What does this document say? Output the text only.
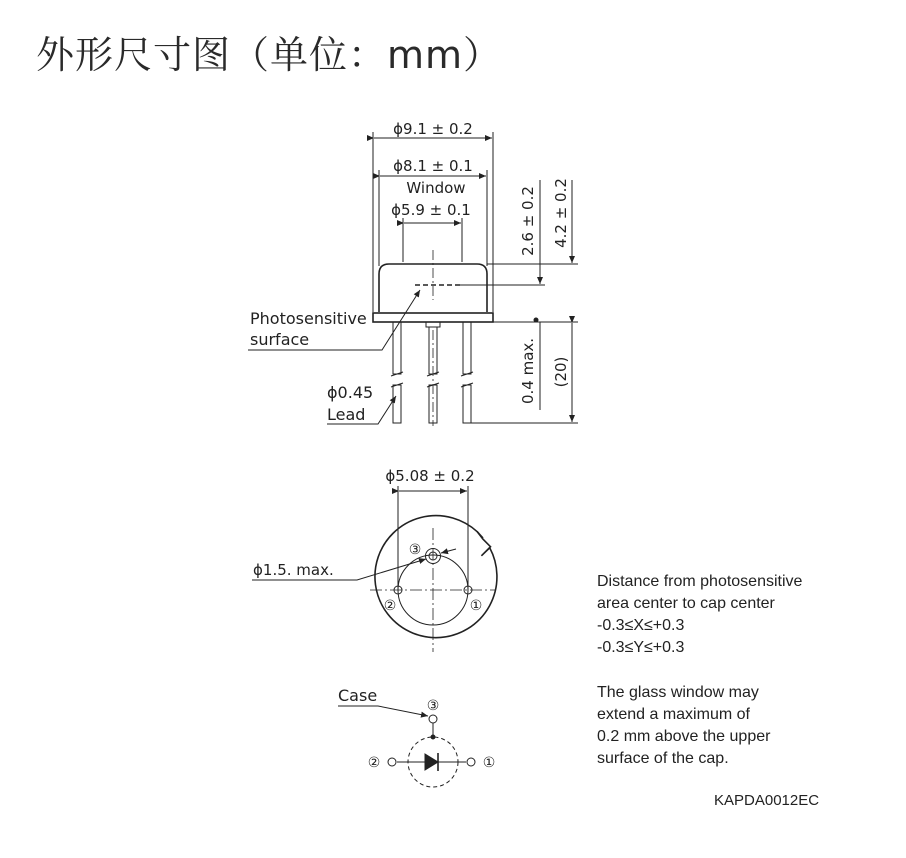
外形尺寸图（单位：mm）
ϕ9.1 ± 0.2
ϕ8.1 ± 0.1
Window
ϕ5.9 ± 0.1	2.6 ± 0.2 4.2 ± 0.2
0.4 max. (20)
Photosensitive
surface
ϕ0.45
Lead
ϕ5.08 ± 0.2
ϕ1.5. max.
③
②	①
Case
③
②	①
Distance from photosensitive
area center to cap center
-0.3≤X≤+0.3
-0.3≤Y≤+0.3
The glass window may
extend a maximum of
0.2 mm above the upper
surface of the cap.
KAPDA0012EC
